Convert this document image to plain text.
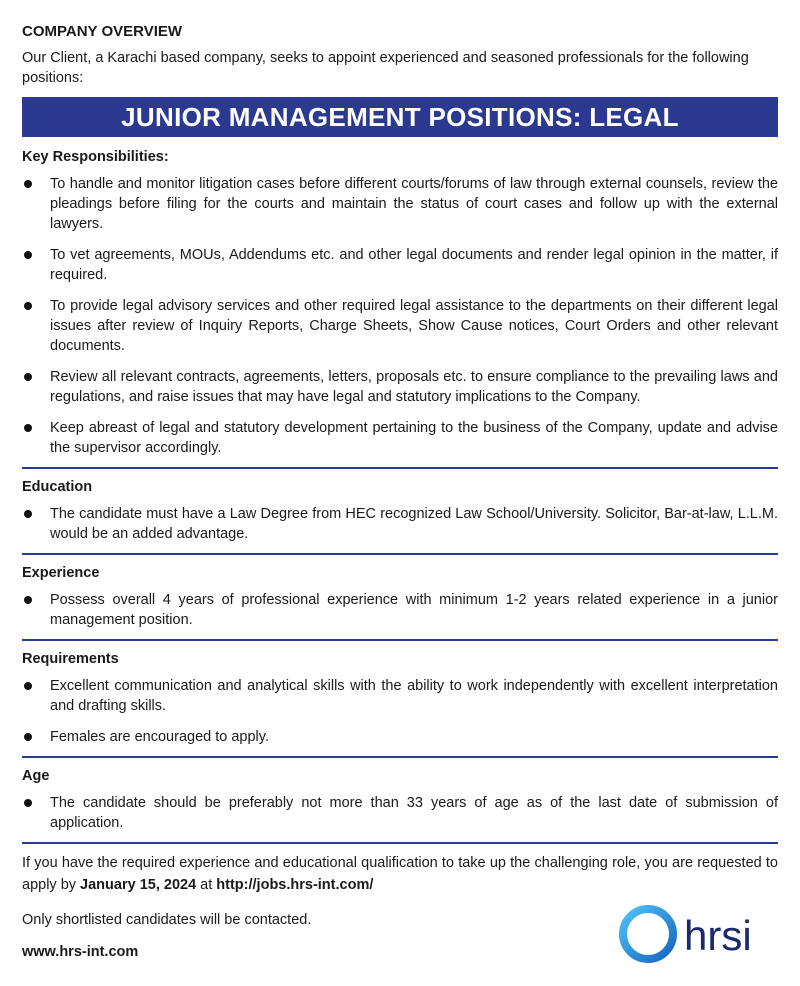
COMPANY OVERVIEW

Our Client, a Karachi based company, seeks to appoint experienced and seasoned professionals for the following positions:

JUNIOR MANAGEMENT POSITIONS: LEGAL
Key Responsibilities:
To handle and monitor litigation cases before different courts/forums of law through external counsels, review the pleadings before filing for the courts and maintain the status of court cases and follow up with the external lawyers.
To vet agreements, MOUs, Addendums etc. and other legal documents and render legal opinion in the matter, if required.
To provide legal advisory services and other required legal assistance to the departments on their different legal issues after review of Inquiry Reports, Charge Sheets, Show Cause notices, Court Orders and other relevant documents.
Review all relevant contracts, agreements, letters, proposals etc. to ensure compliance to the prevailing laws and regulations, and raise issues that may have legal and statutory implications to the Company.
Keep abreast of legal and statutory development pertaining to the business of the Company, update and advise the supervisor accordingly.
Education
The candidate must have a Law Degree from HEC recognized Law School/University. Solicitor, Bar-at-law, L.L.M. would be an added advantage.
Experience
Possess overall 4 years of professional experience with minimum 1-2 years related experience in a junior management position.
Requirements
Excellent communication and analytical skills with the ability to work independently with excellent interpretation and drafting skills.
Females are encouraged to apply.
Age
The candidate should be preferably not more than 33 years of age as of the last date of submission of application.

If you have the required experience and educational qualification to take up the challenging role, you are requested to apply by January 15, 2024 at http://jobs.hrs-int.com/

Only shortlisted candidates will be contacted.

www.hrs-int.com	hrsi
